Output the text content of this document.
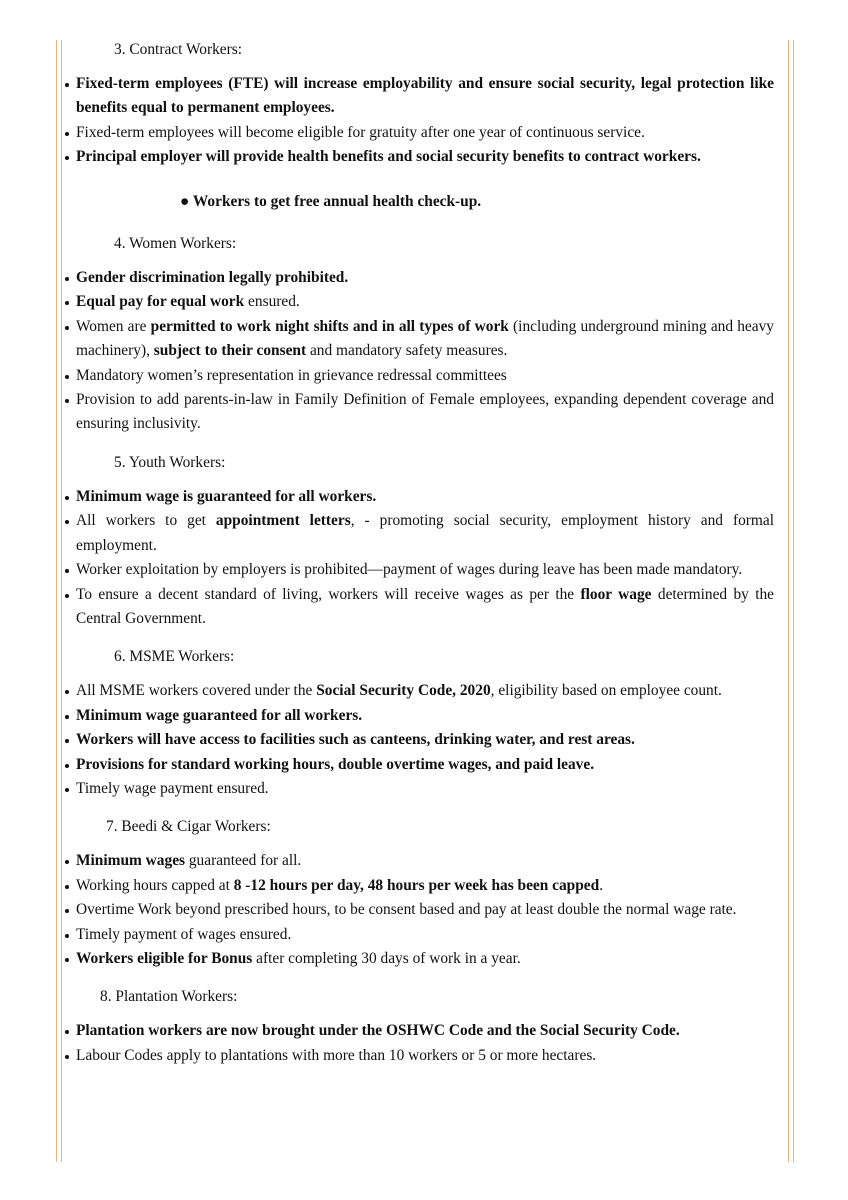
3. Contract Workers:

Fixed-term employees (FTE) will increase employability and ensure social security, legal protection like benefits equal to permanent employees.
Fixed-term employees will become eligible for gratuity after one year of continuous service.
Principal employer will provide health benefits and social security benefits to contract workers.

● Workers to get free annual health check-up.

4. Women Workers:

Gender discrimination legally prohibited.
Equal pay for equal work ensured.
Women are permitted to work night shifts and in all types of work (including underground mining and heavy machinery), subject to their consent and mandatory safety measures.
Mandatory women’s representation in grievance redressal committees
Provision to add parents-in-law in Family Definition of Female employees, expanding dependent coverage and ensuring inclusivity.

5. Youth Workers:

Minimum wage is guaranteed for all workers.
All workers to get appointment letters, - promoting social security, employment history and formal employment.
Worker exploitation by employers is prohibited—payment of wages during leave has been made mandatory.
To ensure a decent standard of living, workers will receive wages as per the floor wage determined by the Central Government.

6. MSME Workers:

All MSME workers covered under the Social Security Code, 2020, eligibility based on employee count.
Minimum wage guaranteed for all workers.
Workers will have access to facilities such as canteens, drinking water, and rest areas.
Provisions for standard working hours, double overtime wages, and paid leave.
Timely wage payment ensured.

7. Beedi & Cigar Workers:

Minimum wages guaranteed for all.
Working hours capped at 8 -12 hours per day, 48 hours per week has been capped.
Overtime Work beyond prescribed hours, to be consent based and pay at least double the normal wage rate.
Timely payment of wages ensured.
Workers eligible for Bonus after completing 30 days of work in a year.

8. Plantation Workers:

Plantation workers are now brought under the OSHWC Code and the Social Security Code.
Labour Codes apply to plantations with more than 10 workers or 5 or more hectares.
